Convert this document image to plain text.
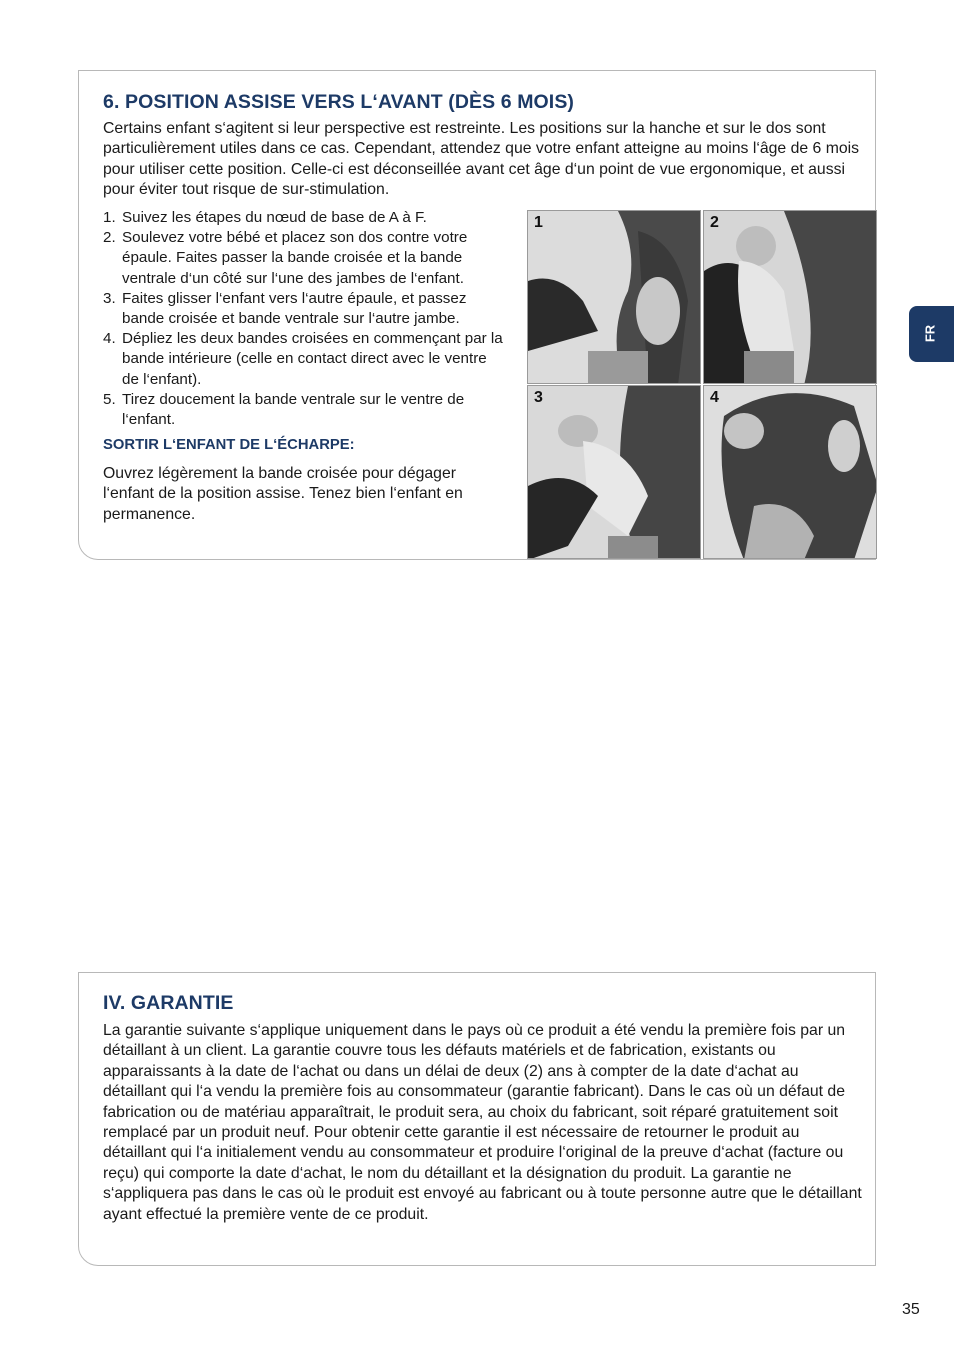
6. POSITION ASSISE VERS L‘AVANT (DÈS 6 MOIS)

Certains enfant s‘agitent si leur perspective est restreinte. Les positions sur la hanche et sur le dos sont particulièrement utiles dans ce cas. Cependant, attendez que votre enfant atteigne au moins l‘âge de 6 mois pour utiliser cette position. Celle-ci est déconseillée avant cet âge d‘un point de vue ergonomique, et aussi pour éviter tout risque de sur-stimulation.

1. Suivez les étapes du nœud de base de A à F.
2. Soulevez votre bébé et placez son dos contre votre épaule. Faites passer la bande croisée et la bande ventrale d‘un côté sur l‘une des jambes de l‘enfant.
3. Faites glisser l‘enfant vers l‘autre épaule, et passez bande croisée et bande ventrale sur l‘autre jambe.
4. Dépliez les deux bandes croisées en commençant par la bande intérieure (celle en contact direct avec le ventre de l‘enfant).
5. Tirez doucement la bande ventrale sur le ventre de l‘enfant.
SORTIR L‘ENFANT DE L‘ÉCHARPE:

Ouvrez légèrement la bande croisée pour dégager l‘enfant de la position assise. Tenez bien l‘enfant en permanence.

1	2
3	4
IV. GARANTIE

La garantie suivante s‘applique uniquement dans le pays où ce produit a été vendu la première fois par un détaillant à un client. La garantie couvre tous les défauts matériels et de fabrication, existants ou apparaissants à la date de l‘achat ou dans un délai de deux (2) ans à compter de la date d‘achat au détaillant qui l‘a vendu la première fois au consommateur (garantie fabricant). Dans le cas où un défaut de fabrication ou de matériau apparaîtrait, le produit sera, au choix du fabricant, soit réparé gratuitement soit remplacé par un produit neuf. Pour obtenir cette garantie il est nécessaire de retourner le produit au détaillant qui l‘a initialement vendu au consommateur et produire l‘original de la preuve d‘achat (facture ou reçu) qui comporte la date d‘achat, le nom du détaillant et la désignation du produit. La garantie ne s‘appliquera pas dans le cas où le produit est envoyé au fabricant ou à toute personne autre que le détaillant ayant effectué la première vente de ce produit.

FR
35
